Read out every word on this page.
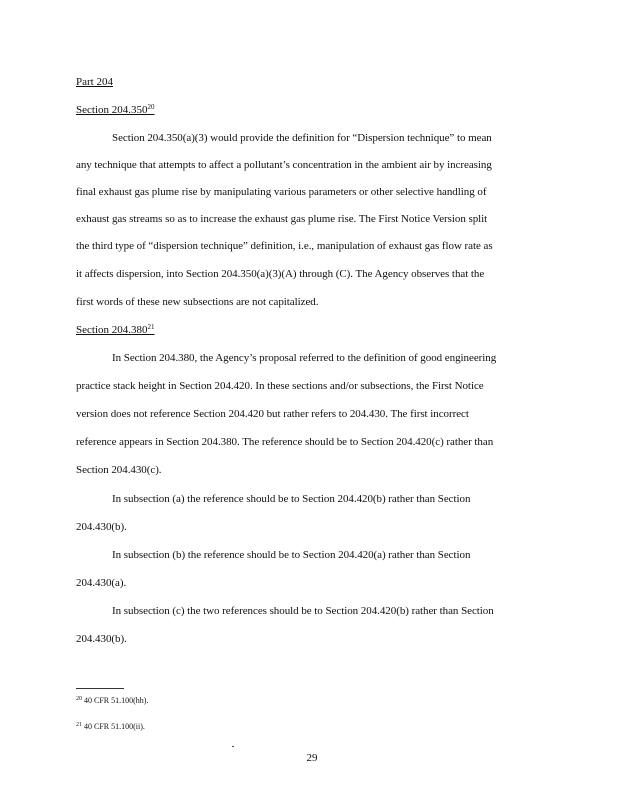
Part 204
Section 204.350$^{20}$
Section 204.350(a)(3) would provide the definition for “Dispersion technique” to mean
any technique that attempts to affect a pollutant’s concentration in the ambient air by increasing
final exhaust gas plume rise by manipulating various parameters or other selective handling of
exhaust gas streams so as to increase the exhaust gas plume rise. The First Notice Version split
the third type of “dispersion technique” definition, i.e., manipulation of exhaust gas flow rate as
it affects dispersion, into Section 204.350(a)(3)(A) through (C). The Agency observes that the
first words of these new subsections are not capitalized.
Section 204.380$^{21}$
In Section 204.380, the Agency’s proposal referred to the definition of good engineering
practice stack height in Section 204.420. In these sections and/or subsections, the First Notice
version does not reference Section 204.420 but rather refers to 204.430. The first incorrect
reference appears in Section 204.380. The reference should be to Section 204.420(c) rather than
Section 204.430(c).
In subsection (a) the reference should be to Section 204.420(b) rather than Section
204.430(b).
In subsection (b) the reference should be to Section 204.420(a) rather than Section
204.430(a).
In subsection (c) the two references should be to Section 204.420(b) rather than Section
204.430(b).
$^{20}$ 40 CFR 51.100(hh).
$^{21}$ 40 CFR 51.100(ii).
29
